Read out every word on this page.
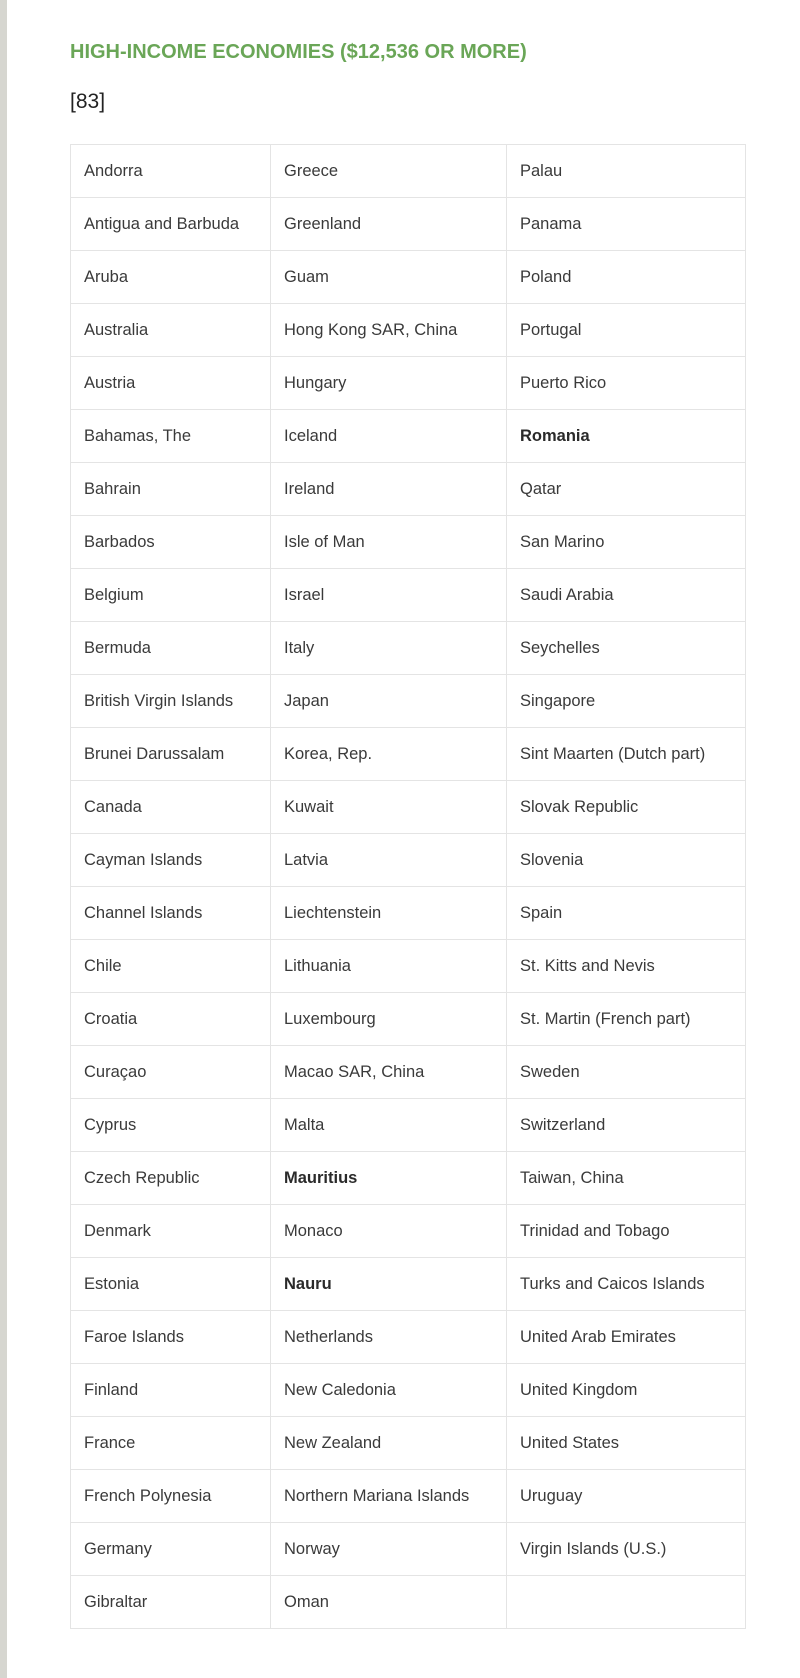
HIGH-INCOME ECONOMIES ($12,536 OR MORE)
[83]
Andorra	Greece	Palau
Antigua and Barbuda	Greenland	Panama
Aruba	Guam	Poland
Australia	Hong Kong SAR, China	Portugal
Austria	Hungary	Puerto Rico
Bahamas, The	Iceland	Romania
Bahrain	Ireland	Qatar
Barbados	Isle of Man	San Marino
Belgium	Israel	Saudi Arabia
Bermuda	Italy	Seychelles
British Virgin Islands	Japan	Singapore
Brunei Darussalam	Korea, Rep.	Sint Maarten (Dutch part)
Canada	Kuwait	Slovak Republic
Cayman Islands	Latvia	Slovenia
Channel Islands	Liechtenstein	Spain
Chile	Lithuania	St. Kitts and Nevis
Croatia	Luxembourg	St. Martin (French part)
Curaçao	Macao SAR, China	Sweden
Cyprus	Malta	Switzerland
Czech Republic	Mauritius	Taiwan, China
Denmark	Monaco	Trinidad and Tobago
Estonia	Nauru	Turks and Caicos Islands
Faroe Islands	Netherlands	United Arab Emirates
Finland	New Caledonia	United Kingdom
France	New Zealand	United States
French Polynesia	Northern Mariana Islands	Uruguay
Germany	Norway	Virgin Islands (U.S.)
Gibraltar	Oman	
